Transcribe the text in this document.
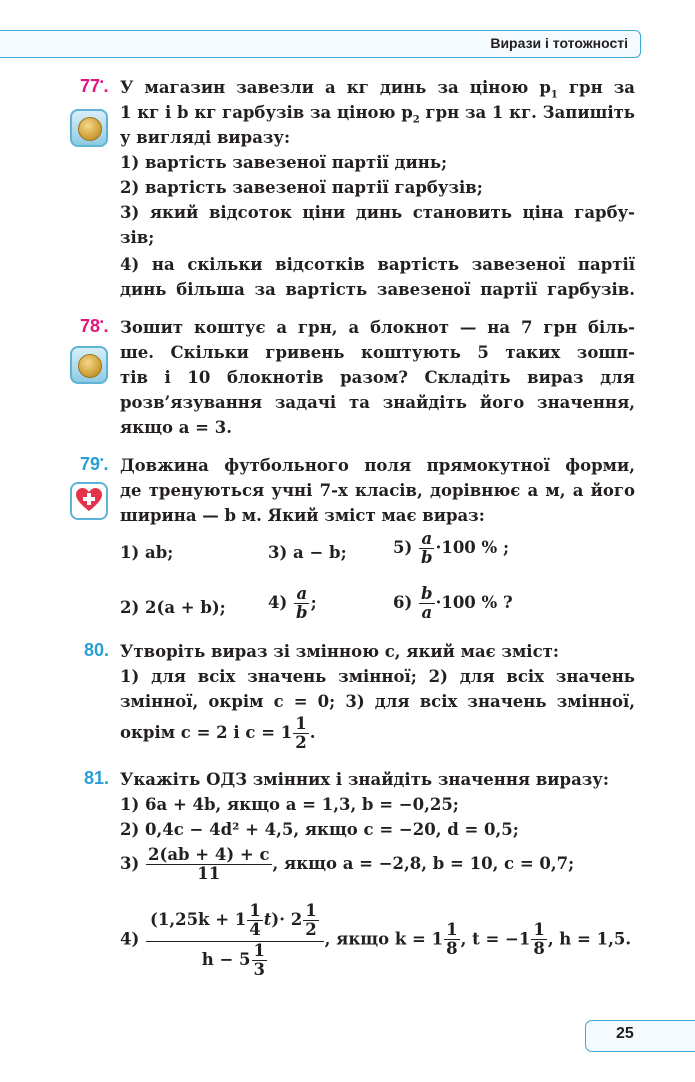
Вирази і тотожності
77•. У магазин завезли a кг динь за ціною $p_1$ грн за
1 кг і b кг гарбузів за ціною $p_2$ грн за 1 кг. Запишіть
у вигляді виразу:
1) вартість завезеної партії динь;
2) вартість завезеної партії гарбузів;
3) який відсоток ціни динь становить ціна гарбу-
зів;
4) на скільки відсотків вартість завезеної партії
динь більша за вартість завезеної партії гарбузів.
78•. Зошит коштує a грн, а блокнот — на 7 грн біль-
ше. Скільки гривень коштують 5 таких зошп-
тів і 10 блокнотів разом? Складіть вираз для
розв’язування задачі та знайдіть його значення,
якщо a = 3.
79•. Довжина футбольного поля прямокутної форми,
де тренуються учні 7-х класів, дорівнює a м, а його
ширина — b м. Який зміст має вираз:
1) ab;	3) a − b;	$5) \frac{a}{b} \cdot 100$ % ;
2) 2(a + b);	$4) \frac{a}{b}$ ;	$6) \frac{b}{a} \cdot 100$ % ?
80. Утворіть вираз зі змінною c, який має зміст:
1) для всіх значень змінної; 2) для всіх значень
змінної, окрім c = 0; 3) для всіх значень змінної,
окрім c = 2 і $c = 1 \frac{1}{2}$ .
81. Укажіть ОДЗ змінних і знайдіть значення виразу:
1) 6a + 4b, якщо a = 1,3, b = −0,25;
2) 0,4c − 4d² + 4,5, якщо c = −20, d = 0,5;
$3) \frac{2(ab + 4) + c}{11}$ , якщо a = −2,8, b = 10, c = 0,7;
$4) \frac{(1,25k + 1 \frac{1}{4} t)\cdot 2 \frac{1}{2}}{h - 5 \frac{1}{3}}$ , якщо $k = 1 \frac{1}{8}$ , $t = -1 \frac{1}{8}$ , h = 1,5.
25
